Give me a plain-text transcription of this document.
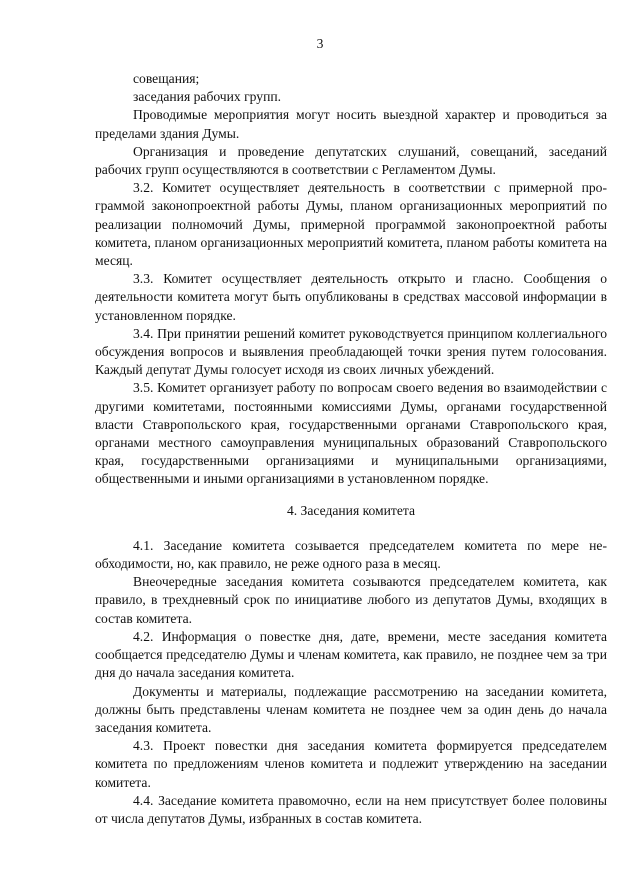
3

совещания;

заседания рабочих групп.

Проводимые мероприятия могут носить выездной характер и проводиться за пределами здания Думы.

Организация и проведение депутатских слушаний, совещаний, заседаний рабочих групп осуществляются в соответствии с Регламентом Думы.

3.2. Комитет осуществляет деятельность в соответствии с примерной программой законопроектной работы Думы, планом организационных мероприятий по реализации полномочий Думы, примерной программой законопроектной работы комитета, планом организационных мероприятий комитета, планом работы комитета на месяц.

3.3. Комитет осуществляет деятельность открыто и гласно. Сообщения о деятельности комитета могут быть опубликованы в средствах массовой информации в установленном порядке.

3.4. При принятии решений комитет руководствуется принципом коллегиального обсуждения вопросов и выявления преобладающей точки зрения путем голосования. Каждый депутат Думы голосует исходя из своих личных убеждений.

3.5. Комитет организует работу по вопросам своего ведения во взаимодействии с другими комитетами, постоянными комиссиями Думы, органами государственной власти Ставропольского края, государственными органами Ставропольского края, органами местного самоуправления муниципальных образований Ставропольского края, государственными организациями и муниципальными организациями, общественными и иными организациями в установленном порядке.

4. Заседания комитета

4.1. Заседание комитета созывается председателем комитета по мере необходимости, но, как правило, не реже одного раза в месяц.

Внеочередные заседания комитета созываются председателем комитета, как правило, в трехдневный срок по инициативе любого из депутатов Думы, входящих в состав комитета.

4.2. Информация о повестке дня, дате, времени, месте заседания комитета сообщается председателю Думы и членам комитета, как правило, не позднее чем за три дня до начала заседания комитета.

Документы и материалы, подлежащие рассмотрению на заседании комитета, должны быть представлены членам комитета не позднее чем за один день до начала заседания комитета.

4.3. Проект повестки дня заседания комитета формируется председателем комитета по предложениям членов комитета и подлежит утверждению на заседании комитета.

4.4. Заседание комитета правомочно, если на нем присутствует более половины от числа депутатов Думы, избранных в состав комитета.
